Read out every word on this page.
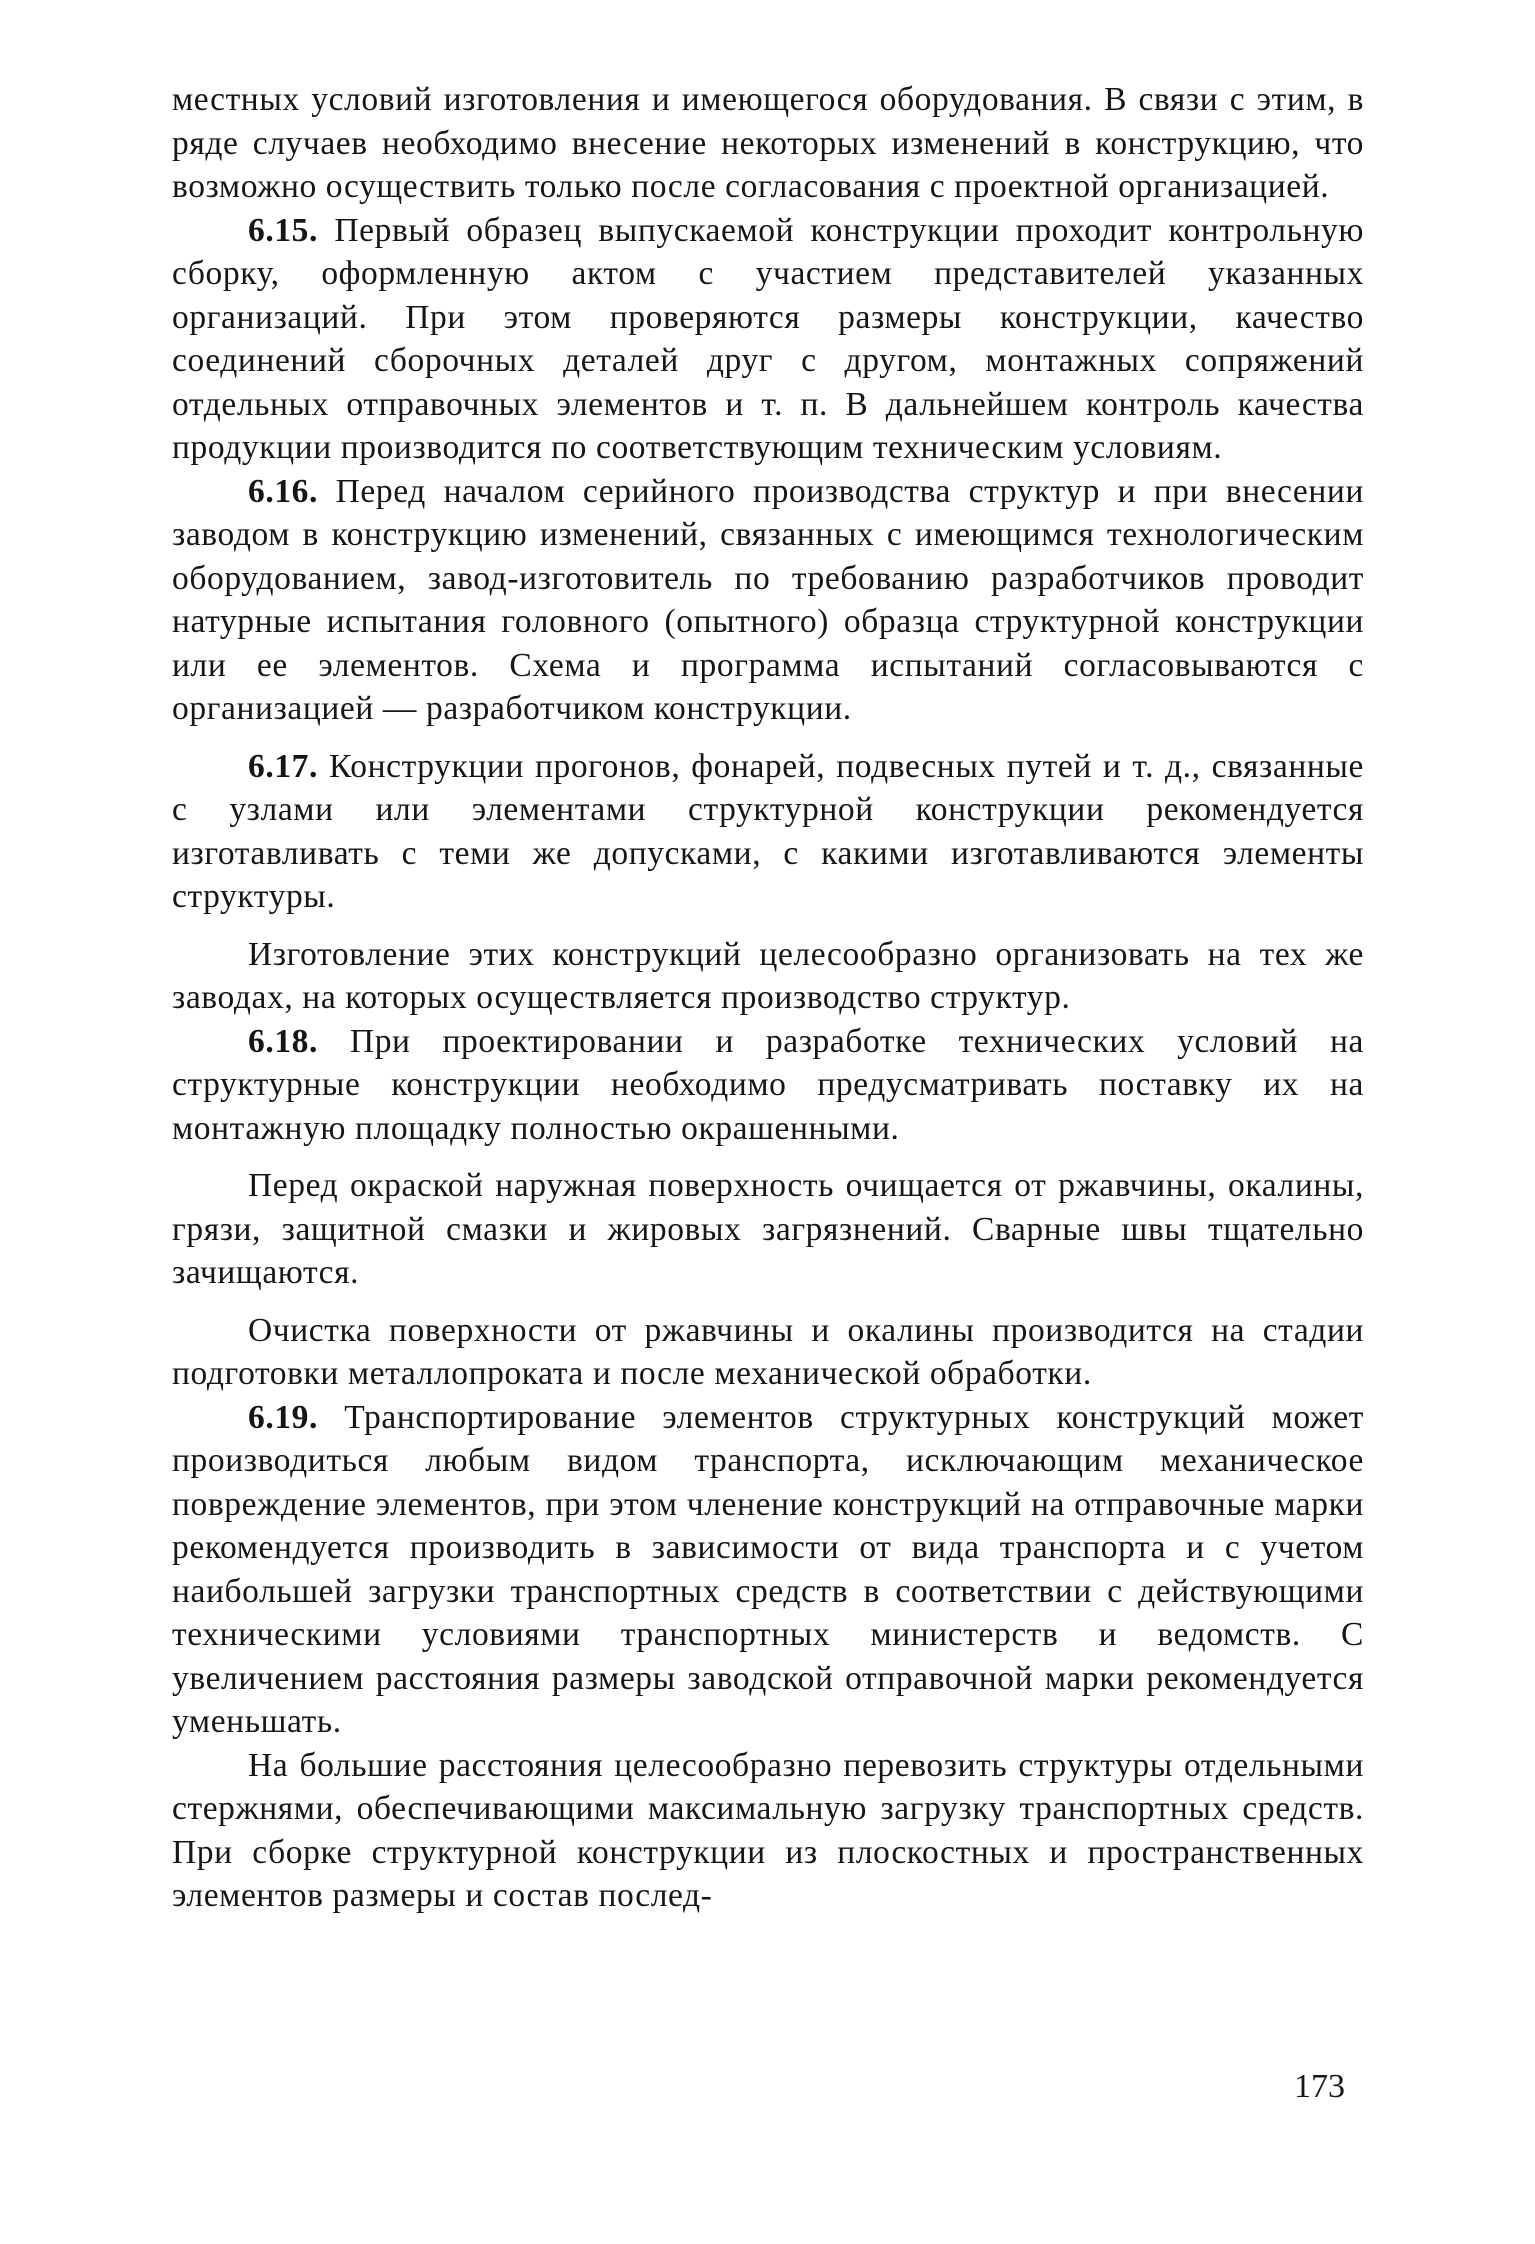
местных условий изготовления и имеющегося оборудования. В связи с этим, в ряде случаев необходимо внесение некоторых изменений в конструкцию, что возможно осуществить только после согласования с проектной организацией.

6.15. Первый образец выпускаемой конструкции проходит контрольную сборку, оформленную актом с участием представителей указанных организаций. При этом проверяются размеры конструкции, качество соединений сборочных деталей друг с другом, монтажных сопряжений отдельных отправочных элементов и т. п. В дальнейшем контроль качества продукции производится по соответствующим техническим условиям.

6.16. Перед началом серийного производства структур и при внесении заводом в конструкцию изменений, связанных с имеющимся технологическим оборудованием, завод-изготовитель по требованию разработчиков проводит натурные испытания головного (опытного) образца структурной конструкции или ее элементов. Схема и программа испытаний согласовываются с организацией — разработчиком конструкции.

6.17. Конструкции прогонов, фонарей, подвесных путей и т. д., связанные с узлами или элементами структурной конструкции рекомендуется изготавливать с теми же допусками, с какими изготавливаются элементы структуры.

Изготовление этих конструкций целесообразно организовать на тех же заводах, на которых осуществляется производство структур.

6.18. При проектировании и разработке технических условий на структурные конструкции необходимо предусматривать поставку их на монтажную площадку полностью окрашенными.

Перед окраской наружная поверхность очищается от ржавчины, окалины, грязи, защитной смазки и жировых загрязнений. Сварные швы тщательно зачищаются.

Очистка поверхности от ржавчины и окалины производится на стадии подготовки металлопроката и после механической обработки.

6.19. Транспортирование элементов структурных конструкций может производиться любым видом транспорта, исключающим механическое повреждение элементов, при этом членение конструкций на отправочные марки рекомендуется производить в зависимости от вида транспорта и с учетом наибольшей загрузки транспортных средств в соответствии с действующими техническими условиями транспортных министерств и ведомств. С увеличением расстояния размеры заводской отправочной марки рекомендуется уменьшать.

На большие расстояния целесообразно перевозить структуры отдельными стержнями, обеспечивающими максимальную загрузку транспортных средств. При сборке структурной конструкции из плоскостных и пространственных элементов размеры и состав послед-

173
